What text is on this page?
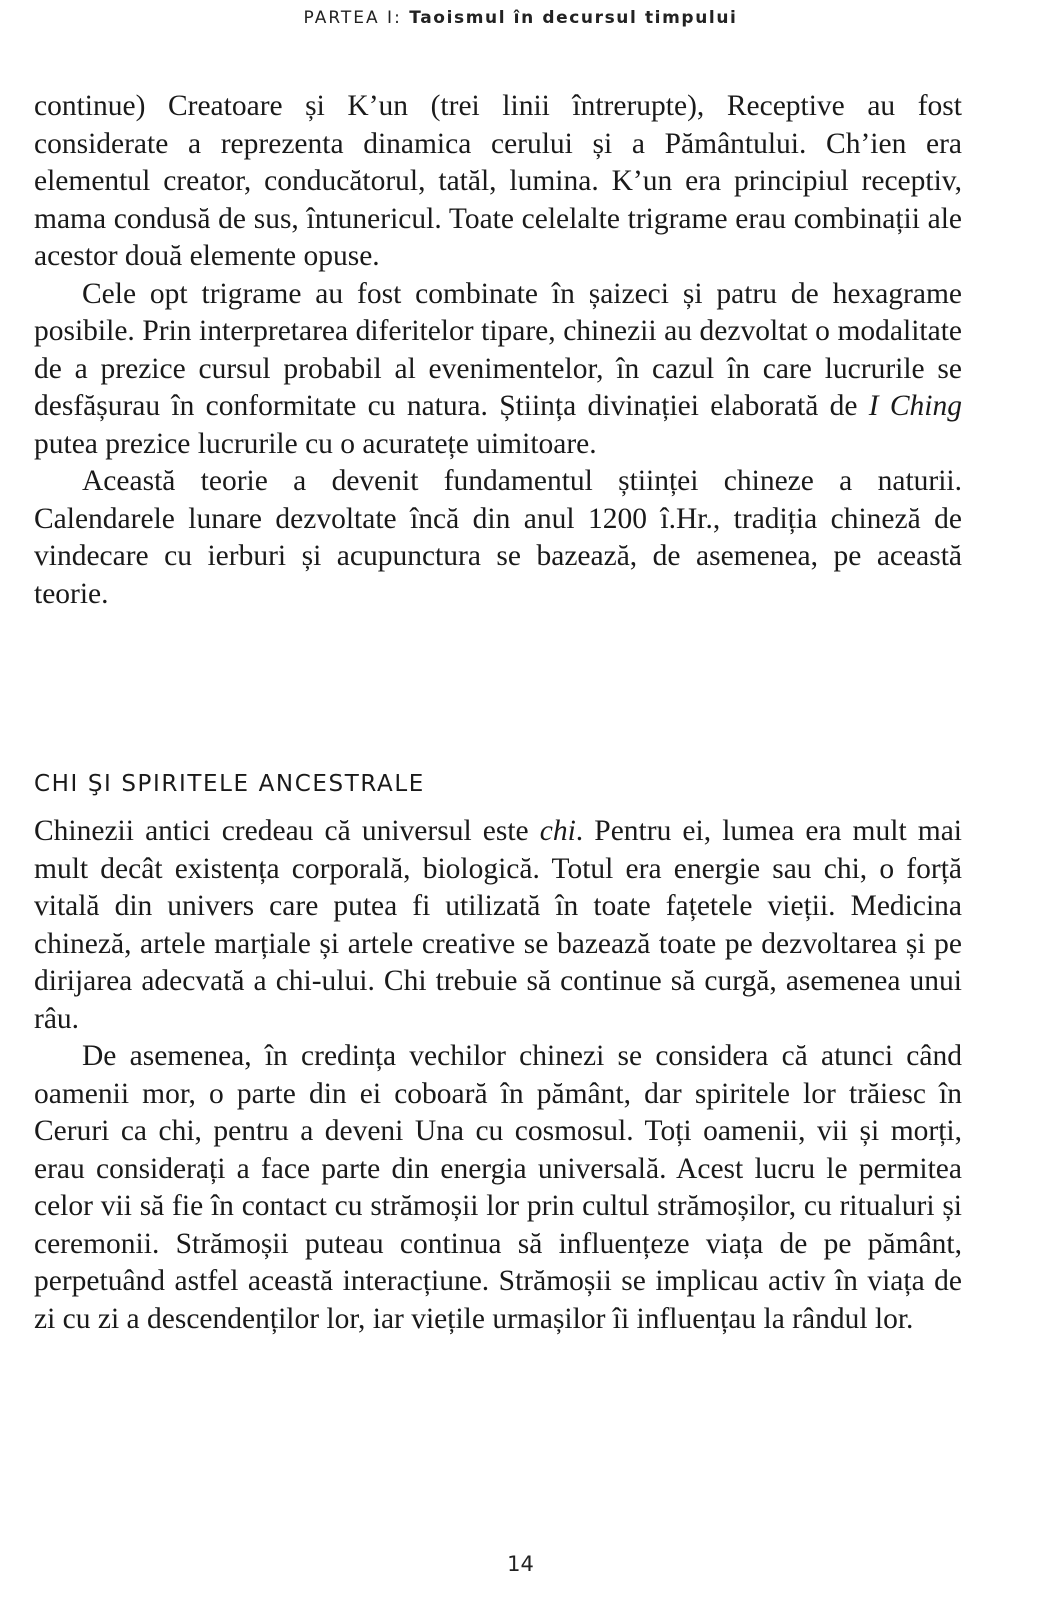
PARTEA I: Taoismul în decursul timpului

continue) Creatoare și K’un (trei linii întrerupte), Receptive au fost considerate a reprezenta dinamica cerului și a Pământului. Ch’ien era elementul creator, conducătorul, tatăl, lumina. K’un era principiul receptiv, mama condusă de sus, întunericul. Toate celelalte trigrame erau combinații ale acestor două elemente opuse.

Cele opt trigrame au fost combinate în șaizeci și patru de hexagrame posibile. Prin interpretarea diferitelor tipare, chinezii au dezvoltat o modalitate de a prezice cursul probabil al evenimentelor, în cazul în care lucrurile se desfășurau în conformitate cu natura. Știința divinației elaborată de I Ching putea prezice lucrurile cu o acuratețe uimitoare.

Această teorie a devenit fundamentul științei chineze a naturii. Calendarele lunare dezvoltate încă din anul 1200 î.Hr., tradiția chineză de vindecare cu ierburi și acupunctura se bazează, de asemenea, pe această teorie.

CHI ŞI SPIRITELE ANCESTRALE

Chinezii antici credeau că universul este chi. Pentru ei, lumea era mult mai mult decât existența corporală, biologică. Totul era energie sau chi, o forță vitală din univers care putea fi utilizată în toate fațetele vieții. Medicina chineză, artele marțiale și artele creative se bazează toate pe dezvoltarea și pe dirijarea adecvată a chi-ului. Chi trebuie să continue să curgă, asemenea unui râu.

De asemenea, în credința vechilor chinezi se considera că atunci când oamenii mor, o parte din ei coboară în pământ, dar spiritele lor trăiesc în Ceruri ca chi, pentru a deveni Una cu cosmosul. Toți oamenii, vii și morți, erau considerați a face parte din energia universală. Acest lucru le permitea celor vii să fie în contact cu strămoșii lor prin cultul strămoșilor, cu ritualuri și ceremonii. Strămoșii puteau continua să influențeze viața de pe pământ, perpetuând astfel această interacțiune. Strămoșii se implicau activ în viața de zi cu zi a descendenților lor, iar viețile urmașilor îi influențau la rândul lor.

14
